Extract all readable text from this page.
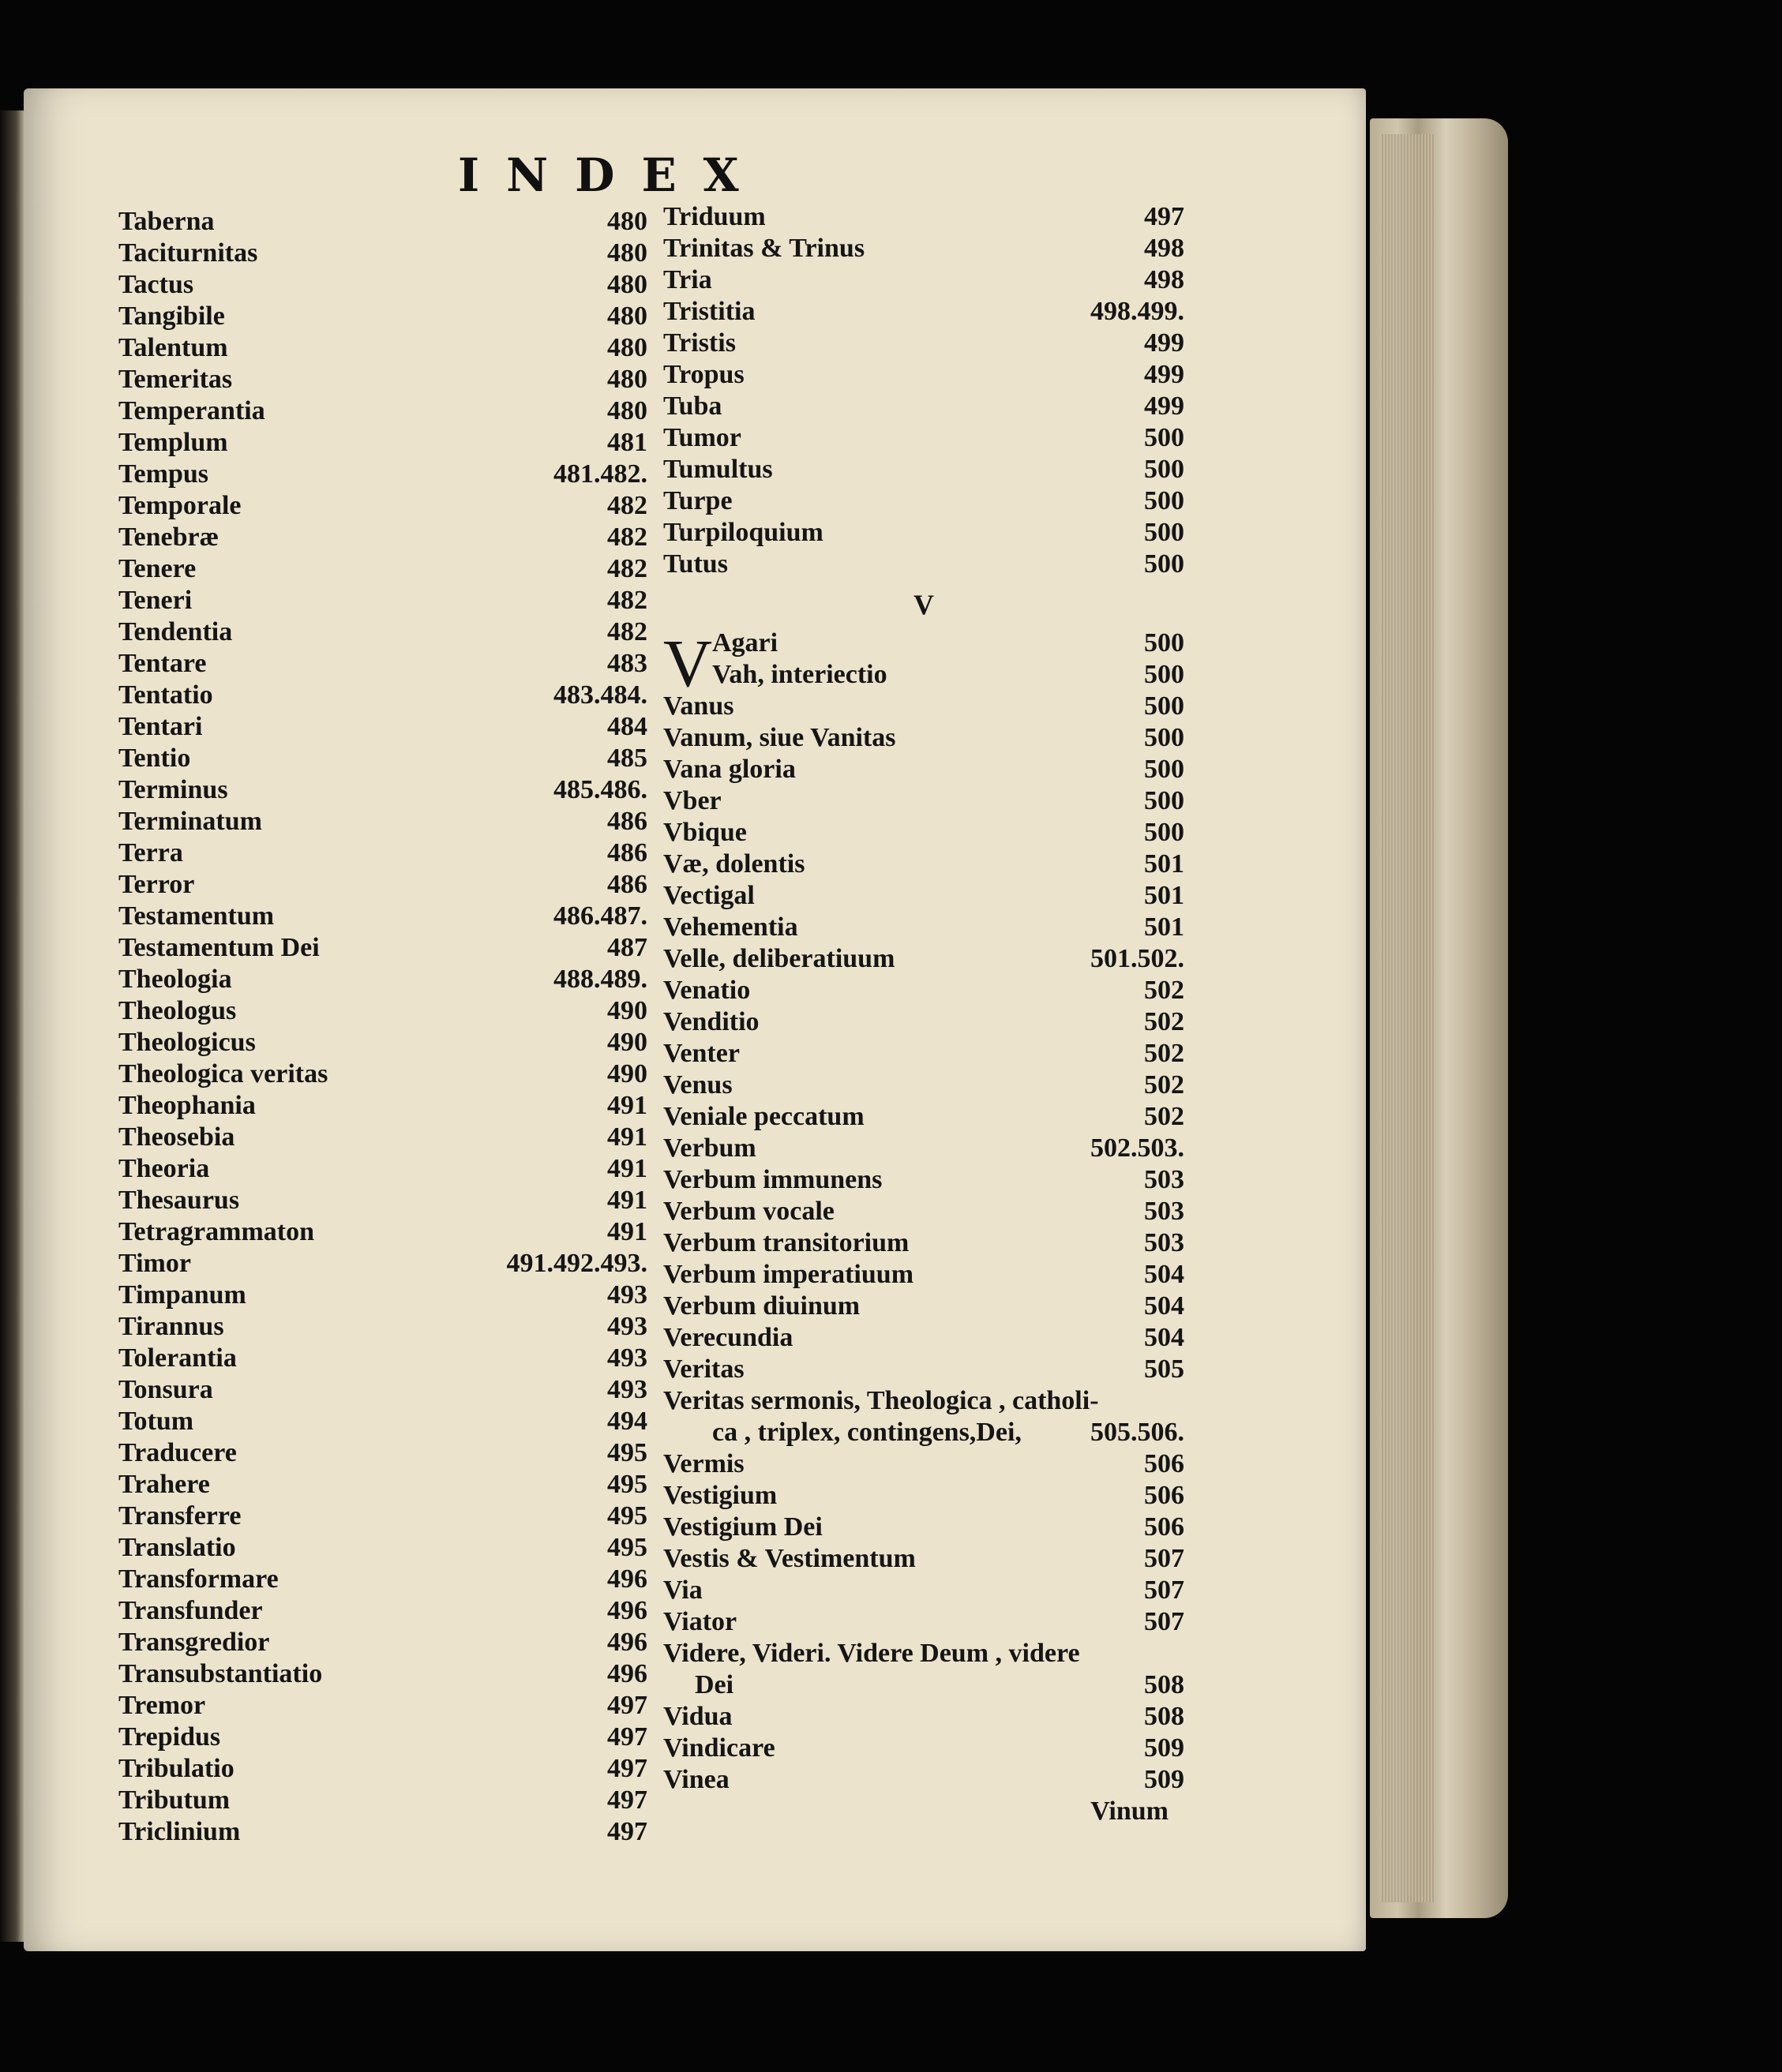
INDEX
Taberna	480
Taciturnitas	480
Tactus	480
Tangibile	480
Talentum	480
Temeritas	480
Temperantia	480
Templum	481
Tempus	481.482.
Temporale	482
Tenebræ	482
Tenere	482
Teneri	482
Tendentia	482
Tentare	483
Tentatio	483.484.
Tentari	484
Tentio	485
Terminus	485.486.
Terminatum	486
Terra	486
Terror	486
Testamentum	486.487.
Testamentum Dei	487
Theologia	488.489.
Theologus	490
Theologicus	490
Theologica veritas	490
Theophania	491
Theosebia	491
Theoria	491
Thesaurus	491
Tetragrammaton	491
Timor	491.492.493.
Timpanum	493
Tirannus	493
Tolerantia	493
Tonsura	493
Totum	494
Traducere	495
Trahere	495
Transferre	495
Translatio	495
Transformare	496
Transfunder	496
Transgredior	496
Transubstantiatio	496
Tremor	497
Trepidus	497
Tribulatio	497
Tributum	497
Triclinium	497
Triduum	497
Trinitas & Trinus	498
Tria	498
Tristitia	498.499.
Tristis	499
Tropus	499
Tuba	499
Tumor	500
Tumultus	500
Turpe	500
Turpiloquium	500
Tutus	500
V
V Agari	500
Vah, interiectio	500
Vanus	500
Vanum, siue Vanitas	500
Vana gloria	500
Vber	500
Vbique	500
Væ, dolentis	501
Vectigal	501
Vehementia	501
Velle, deliberatiuum	501.502.
Venatio	502
Venditio	502
Venter	502
Venus	502
Veniale peccatum	502
Verbum	502.503.
Verbum immunens	503
Verbum vocale	503
Verbum transitorium	503
Verbum imperatiuum	504
Verbum diuinum	504
Verecundia	504
Veritas	505
Veritas sermonis, Theologica , catholi-
ca , triplex, contingens,Dei,	505.506.
Vermis	506
Vestigium	506
Vestigium Dei	506
Vestis & Vestimentum	507
Via	507
Viator	507
Videre, Videri. Videre Deum , videre
Dei	508
Vidua	508
Vindicare	509
Vinea	509
Vinum
